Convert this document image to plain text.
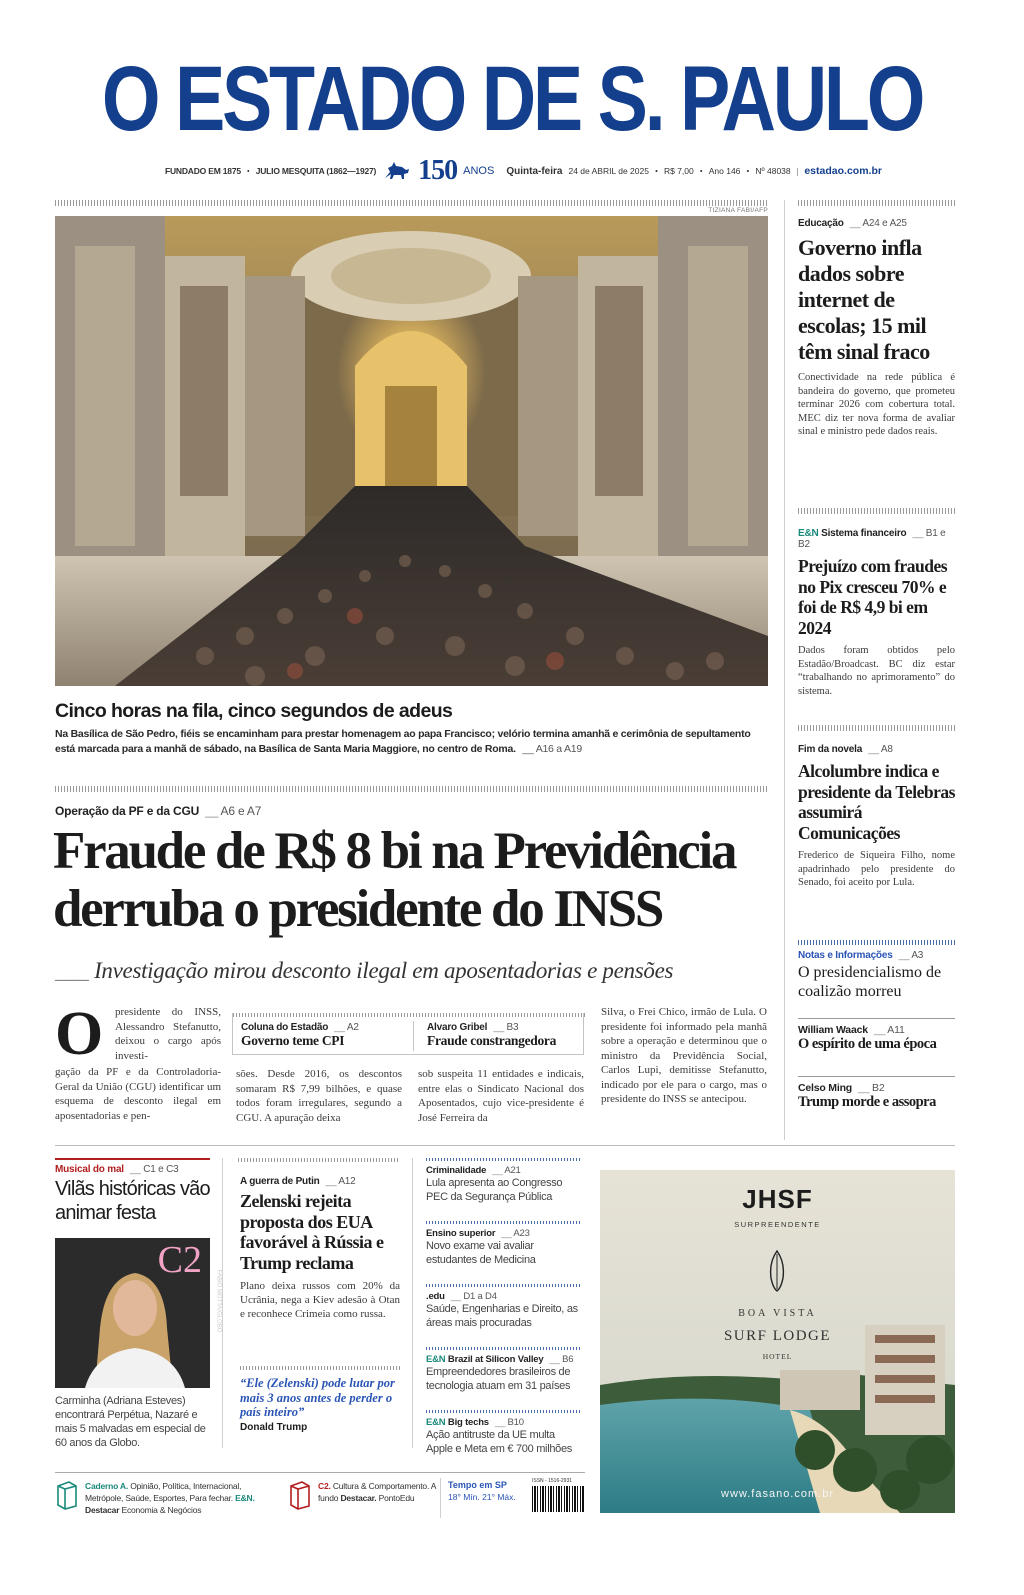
O ESTADO DE S. PAULO
FUNDADO EM 1875 • JULIO MESQUITA (1862—1927) 150 ANOS Quinta-feira 24 de ABRIL de 2025 • R$ 7,00 • Ano 146 • Nº 48038 | estadao.com.br
TIZIANA FABI/AFP
Cinco horas na fila, cinco segundos de adeus
Na Basílica de São Pedro, fiéis se encaminham para prestar homenagem ao papa Francisco; velório termina amanhã e cerimônia de sepultamento está marcada para a manhã de sábado, na Basílica de Santa Maria Maggiore, no centro de Roma. __ A16 a A19
Operação da PF e da CGU __ A6 e A7
Fraude de R$ 8 bi na Previdência
derruba o presidente do INSS
___ Investigação mirou desconto ilegal em aposentadorias e pensões
O	presidente do INSS, Alessandro Stefanutto, deixou o cargo após investi-
gação da PF e da Controladoria-Geral da União (CGU) identificar um esquema de desconto ilegal em aposentadorias e pen-
Coluna do Estadão __ A2
Governo teme CPI
Alvaro Gribel __ B3
Fraude constrangedora
sões. Desde 2016, os descontos somaram R$ 7,99 bilhões, e quase todos foram irregulares, segundo a CGU. A apuração deixa
sob suspeita 11 entidades e indicais, entre elas o Sindicato Nacional dos Aposentados, cujo vice-presidente é José Ferreira da
Silva, o Frei Chico, irmão de Lula. O presidente foi informado pela manhã sobre a operação e determinou que o ministro da Previdência Social, Carlos Lupi, demitisse Stefanutto, indicado por ele para o cargo, mas o presidente do INSS se antecipou.
Educação __ A24 e A25
Governo infla dados sobre internet de escolas; 15 mil têm sinal fraco
Conectividade na rede pública é bandeira do governo, que prometeu terminar 2026 com cobertura total. MEC diz ter nova forma de avaliar sinal e ministro pede dados reais.
E&N Sistema financeiro __ B1 e B2
Prejuízo com fraudes no Pix cresceu 70% e foi de R$ 4,9 bi em 2024
Dados foram obtidos pelo Estadão/Broadcast. BC diz estar “trabalhando no aprimoramento” do sistema.
Fim da novela __ A8
Alcolumbre indica e presidente da Telebras assumirá Comunicações
Frederico de Siqueira Filho, nome apadrinhado pelo presidente do Senado, foi aceito por Lula.
Notas e Informações __ A3
O presidencialismo de coalizão morreu
William Waack __ A11
O espírito de uma época
Celso Ming __ B2
Trump morde e assopra
Musical do mal __ C1 e C3
Vilãs históricas vão animar festa
C2
FABIO MOTTA/GLOBO
Carminha (Adriana Esteves) encontrará Perpétua, Nazaré e mais 5 malvadas em especial de 60 anos da Globo.
A guerra de Putin __ A12
Zelenski rejeita proposta dos EUA favorável à Rússia e Trump reclama
Plano deixa russos com 20% da Ucrânia, nega a Kiev adesão à Otan e reconhece Crimeia como russa.
“Ele (Zelenski) pode lutar por mais 3 anos antes de perder o país inteiro”
Donald Trump
Criminalidade __ A21
Lula apresenta ao Congresso PEC da Segurança Pública
Ensino superior __ A23
Novo exame vai avaliar estudantes de Medicina
.edu __ D1 a D4
Saúde, Engenharias e Direito, as áreas mais procuradas
E&N Brazil at Silicon Valley __ B6
Empreendedores brasileiros de tecnologia atuam em 31 países
E&N Big techs __ B10
Ação antitruste da UE multa Apple e Meta em € 700 milhões
JHSF
SURPREENDENTE
BOA VISTA
SURF LODGE
HOTEL
www.fasano.com.br
Caderno A. Opinião, Política, Internacional, Metrópole, Saúde, Esportes, Para fechar. E&N. Destacar Economia & Negócios
C2. Cultura & Comportamento. A fundo Destacar. PontoEdu
Tempo em SP
18° Mín. 21° Máx.
ISSN - 1516-2931
